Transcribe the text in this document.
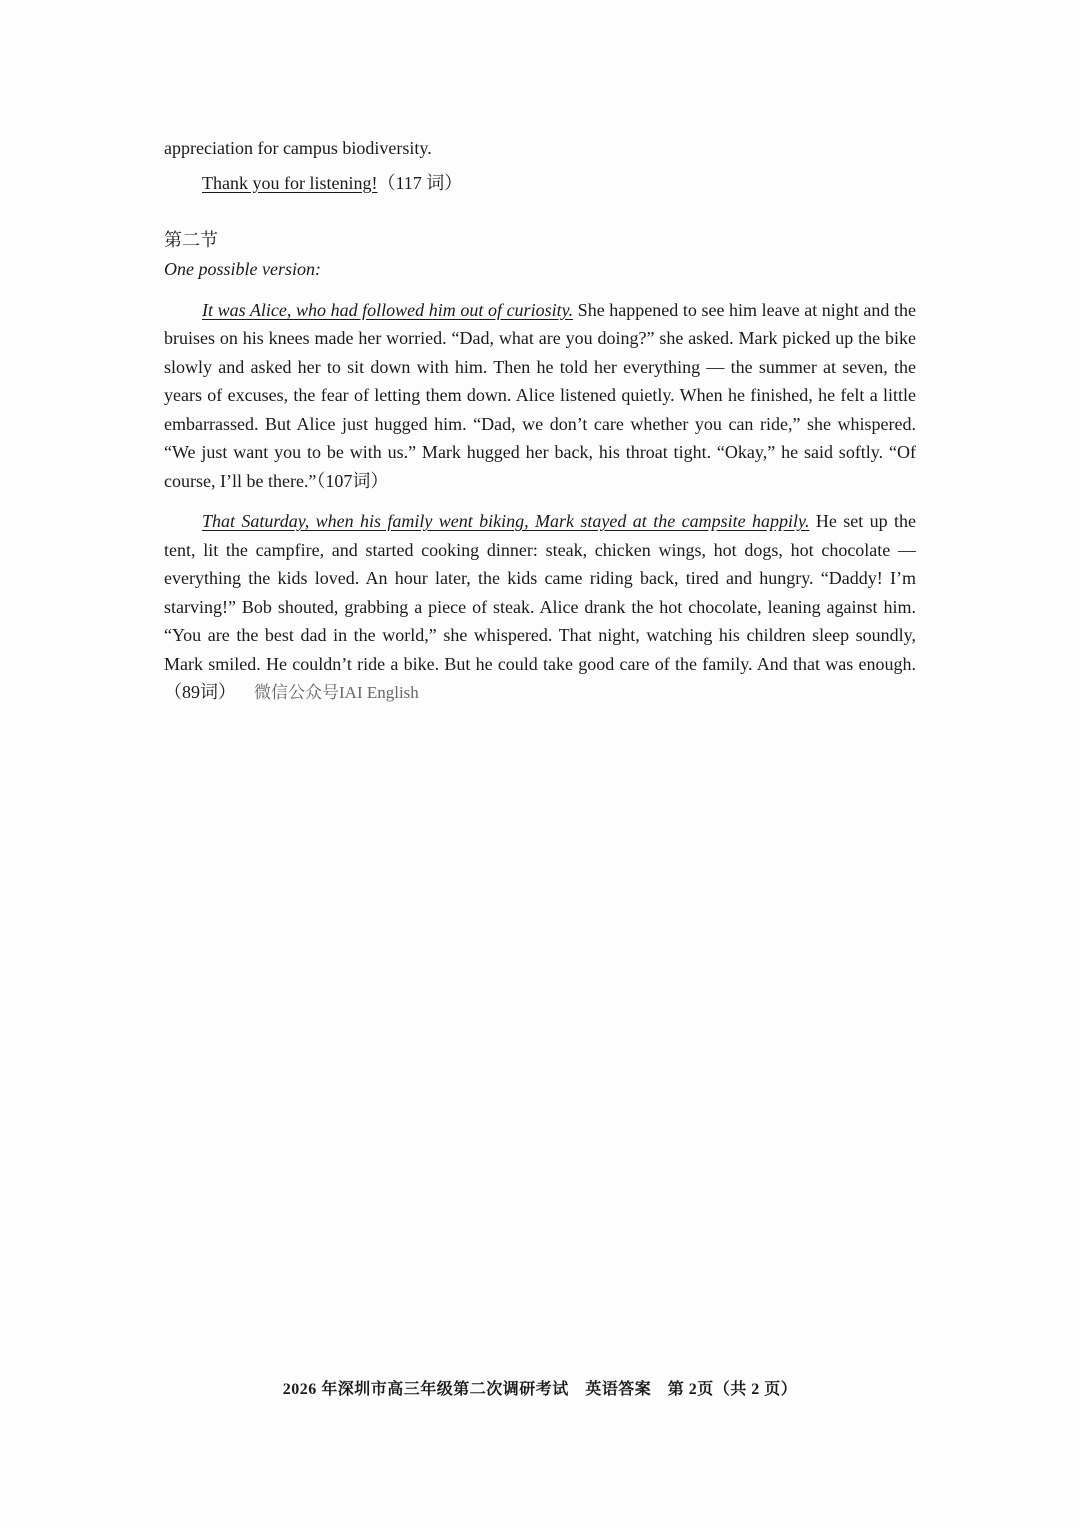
appreciation for campus biodiversity.

Thank you for listening!（117 词）

第二节

One possible version:

It was Alice, who had followed him out of curiosity. She happened to see him leave at night and the bruises on his knees made her worried. “Dad, what are you doing?” she asked. Mark picked up the bike slowly and asked her to sit down with him. Then he told her everything — the summer at seven, the years of excuses, the fear of letting them down. Alice listened quietly. When he finished, he felt a little embarrassed. But Alice just hugged him. “Dad, we don’t care whether you can ride,” she whispered. “We just want you to be with us.” Mark hugged her back, his throat tight. “Okay,” he said softly. “Of course, I’ll be there.”（107词）

That Saturday, when his family went biking, Mark stayed at the campsite happily. He set up the tent, lit the campfire, and started cooking dinner: steak, chicken wings, hot dogs, hot chocolate — everything the kids loved. An hour later, the kids came riding back, tired and hungry. “Daddy! I’m starving!” Bob shouted, grabbing a piece of steak. Alice drank the hot chocolate, leaning against him. “You are the best dad in the world,” she whispered. That night, watching his children sleep soundly, Mark smiled. He couldn’t ride a bike. But he could take good care of the family. And that was enough. （89词） 微信公众号IAI English

2026 年深圳市高三年级第二次调研考试　英语答案　第 2页（共 2 页）
